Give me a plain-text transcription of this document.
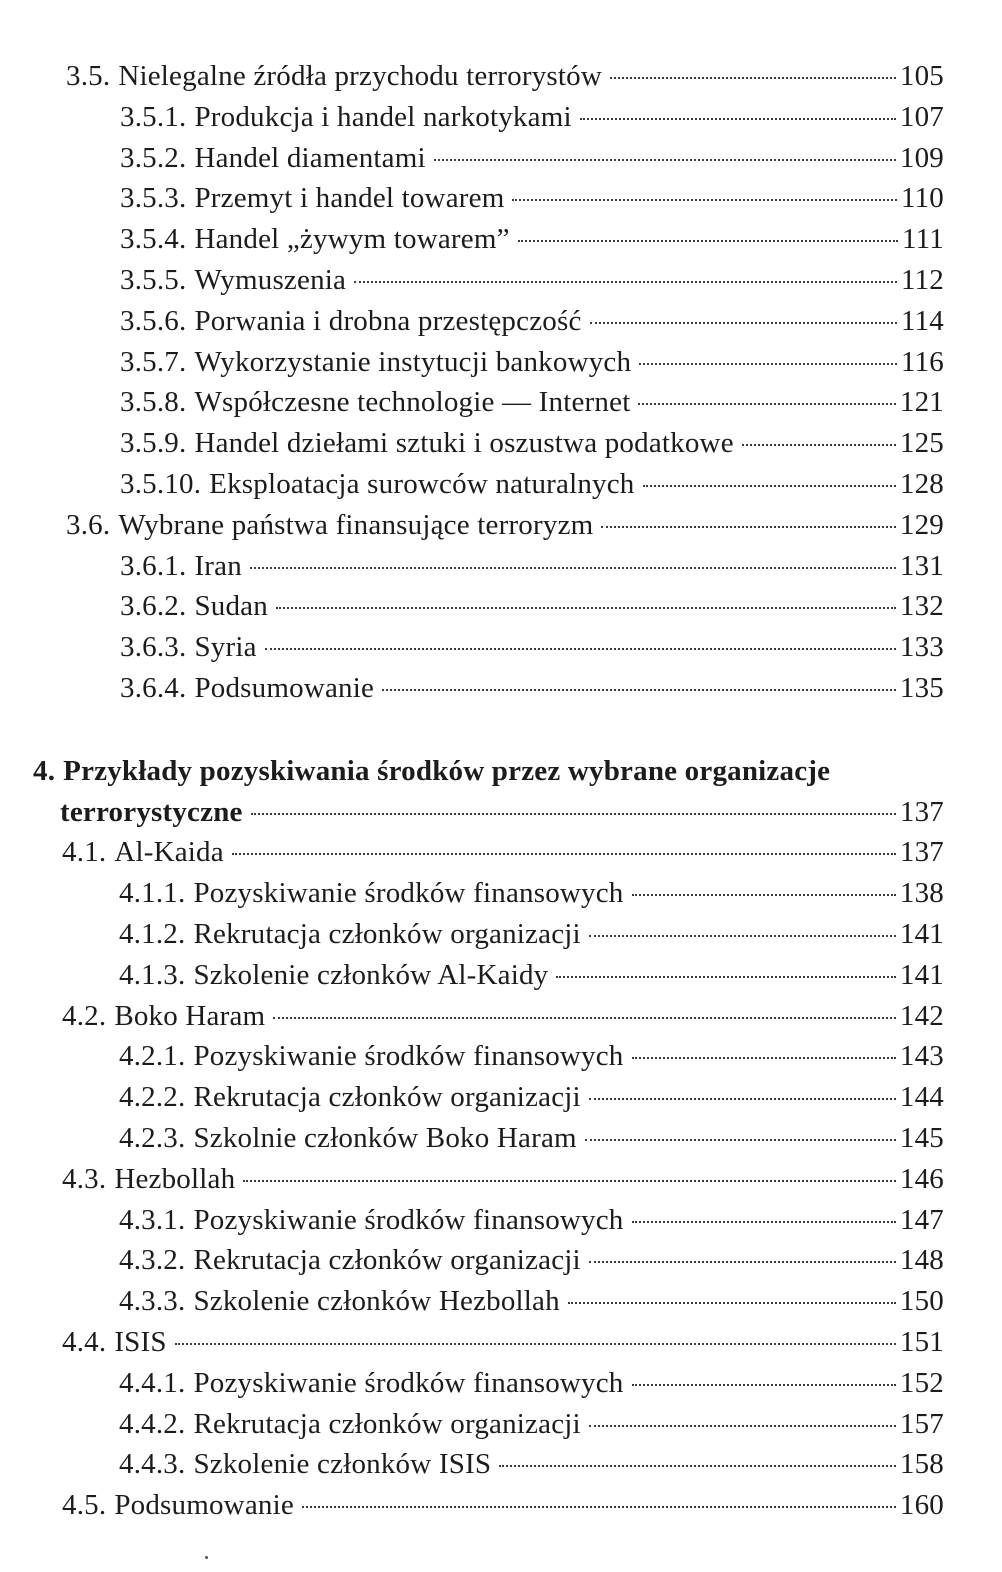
3.5. Nielegalne źródła przychodu terrorystów	105
3.5.1. Produkcja i handel narkotykami	107
3.5.2. Handel diamentami	109
3.5.3. Przemyt i handel towarem	110
3.5.4. Handel „żywym towarem”	111
3.5.5. Wymuszenia	112
3.5.6. Porwania i drobna przestępczość	114
3.5.7. Wykorzystanie instytucji bankowych	116
3.5.8. Współczesne technologie — Internet	121
3.5.9. Handel dziełami sztuki i oszustwa podatkowe	125
3.5.10. Eksploatacja surowców naturalnych	128
3.6. Wybrane państwa finansujące terroryzm	129
3.6.1. Iran	131
3.6.2. Sudan	132
3.6.3. Syria	133
3.6.4. Podsumowanie	135
4. Przykłady pozyskiwania środków przez wybrane organizacje
terrorystyczne	137
4.1. Al-Kaida	137
4.1.1. Pozyskiwanie środków finansowych	138
4.1.2. Rekrutacja członków organizacji	141
4.1.3. Szkolenie członków Al-Kaidy	141
4.2. Boko Haram	142
4.2.1. Pozyskiwanie środków finansowych	143
4.2.2. Rekrutacja członków organizacji	144
4.2.3. Szkolnie członków Boko Haram	145
4.3. Hezbollah	146
4.3.1. Pozyskiwanie środków finansowych	147
4.3.2. Rekrutacja członków organizacji	148
4.3.3. Szkolenie członków Hezbollah	150
4.4. ISIS	151
4.4.1. Pozyskiwanie środków finansowych	152
4.4.2. Rekrutacja członków organizacji	157
4.4.3. Szkolenie członków ISIS	158
4.5. Podsumowanie	160
